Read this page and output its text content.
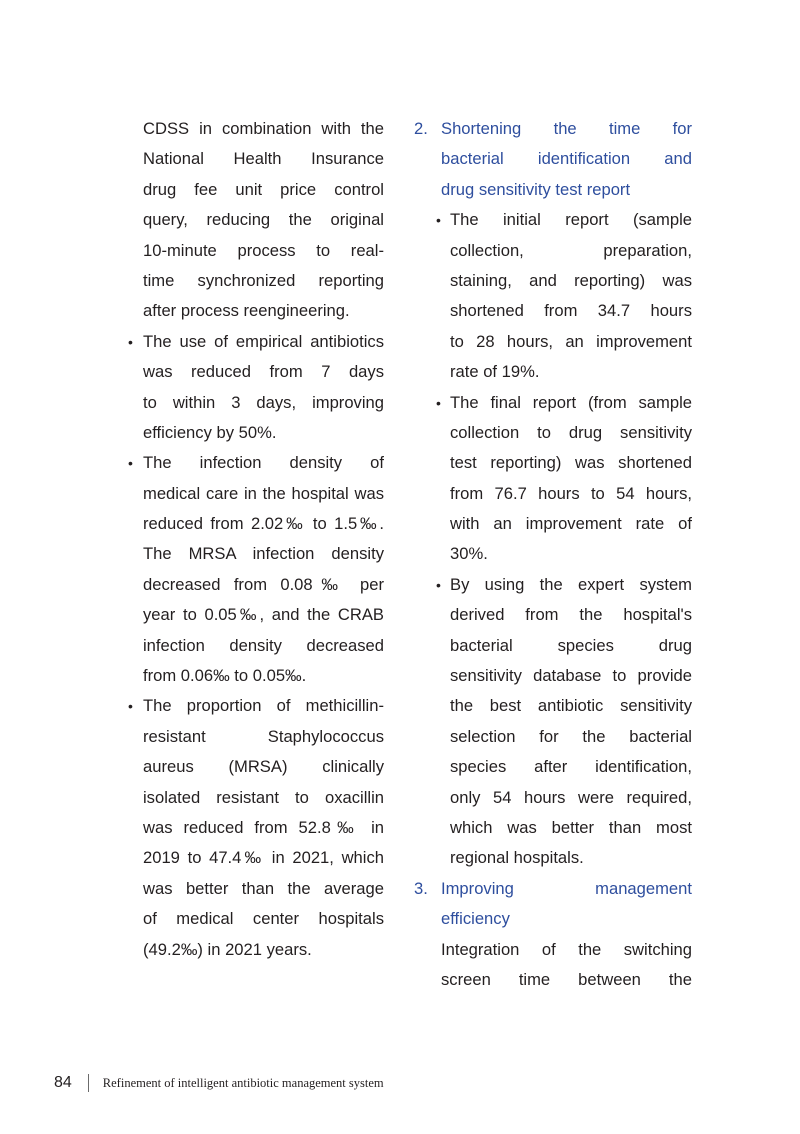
CDSS in combination with the
National Health Insurance
drug fee unit price control
query, reducing the original
10-minute process to real-
time synchronized reporting
after process reengineering.
• The use of empirical antibiotics
was reduced from 7 days
to within 3 days, improving
efficiency by 50%.
• The infection density of
medical care in the hospital was
reduced from 2.02‰ to 1.5‰.
The MRSA infection density
decreased from 0.08‰ per
year to 0.05‰, and the CRAB
infection density decreased
from 0.06‰ to 0.05‰.
• The proportion of methicillin-
resistant Staphylococcus
aureus (MRSA) clinically
isolated resistant to oxacillin
was reduced from 52.8‰ in
2019 to 47.4‰ in 2021, which
was better than the average
of medical center hospitals
(49.2‰) in 2021 years.
2. Shortening the time for
bacterial identification and
drug sensitivity test report
• The initial report (sample
collection, preparation,
staining, and reporting) was
shortened from 34.7 hours
to 28 hours, an improvement
rate of 19%.
• The final report (from sample
collection to drug sensitivity
test reporting) was shortened
from 76.7 hours to 54 hours,
with an improvement rate of
30%.
• By using the expert system
derived from the hospital's
bacterial species drug
sensitivity database to provide
the best antibiotic sensitivity
selection for the bacterial
species after identification,
only 54 hours were required,
which was better than most
regional hospitals.
3. Improving management
efficiency
Integration of the switching
screen time between the
84 Refinement of intelligent antibiotic management system
